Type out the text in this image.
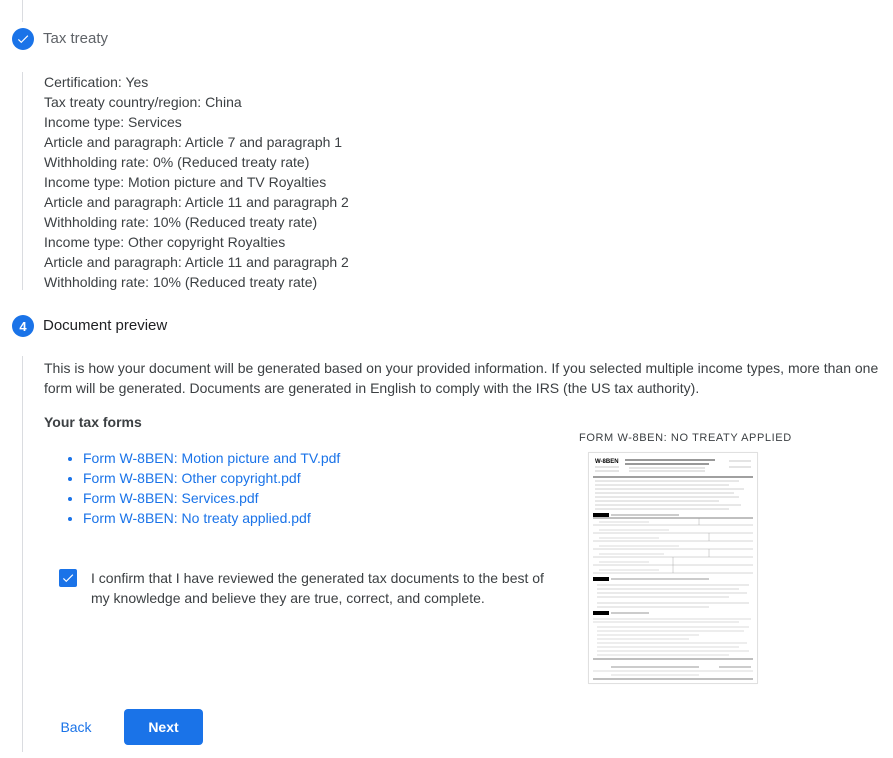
Tax treaty
Certification: Yes
Tax treaty country/region: China
Income type: Services
Article and paragraph: Article 7 and paragraph 1
Withholding rate: 0% (Reduced treaty rate)
Income type: Motion picture and TV Royalties
Article and paragraph: Article 11 and paragraph 2
Withholding rate: 10% (Reduced treaty rate)
Income type: Other copyright Royalties
Article and paragraph: Article 11 and paragraph 2
Withholding rate: 10% (Reduced treaty rate)
4	Document preview
This is how your document will be generated based on your provided information. If you selected multiple income types, more than one form will be generated. Documents are generated in English to comply with the IRS (the US tax authority).
Your tax forms
• Form W-8BEN: Motion picture and TV.pdf
• Form W-8BEN: Other copyright.pdf
• Form W-8BEN: Services.pdf
• Form W-8BEN: No treaty applied.pdf
I confirm that I have reviewed the generated tax documents to the best of my knowledge and believe they are true, correct, and complete.
FORM W-8BEN: NO TREATY APPLIED
W-8BEN
Back	Next
